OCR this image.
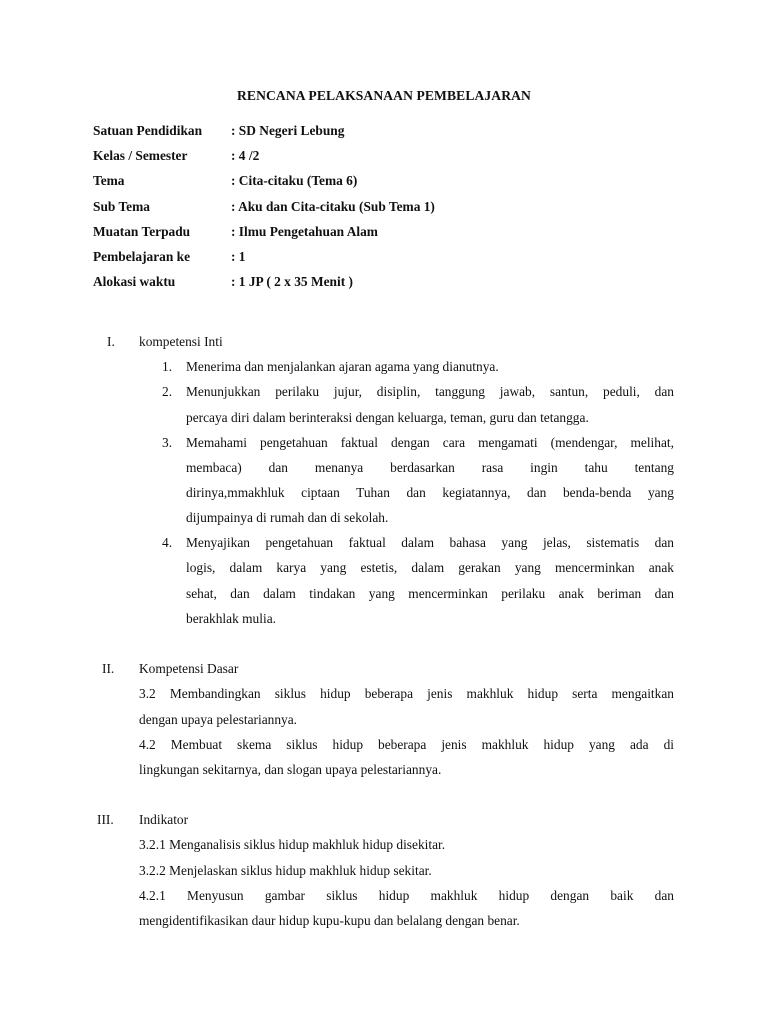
RENCANA PELAKSANAAN PEMBELAJARAN
Satuan Pendidikan : SD Negeri Lebung
Kelas / Semester	: 4 /2
Tema	: Cita-citaku (Tema 6)
Sub Tema	: Aku dan Cita-citaku (Sub Tema 1)
Muatan Terpadu	: Ilmu Pengetahuan Alam
Pembelajaran ke	: 1
Alokasi waktu	: 1 JP ( 2 x 35 Menit )
I.	kompetensi Inti
1. Menerima dan menjalankan ajaran agama yang dianutnya.
2. Menunjukkan perilaku jujur, disiplin, tanggung jawab, santun, peduli, dan
percaya diri dalam berinteraksi dengan keluarga, teman, guru dan tetangga.
3. Memahami pengetahuan faktual dengan cara mengamati (mendengar, melihat,
membaca) dan menanya berdasarkan rasa ingin tahu tentang
dirinya,mmakhluk ciptaan Tuhan dan kegiatannya, dan benda-benda yang
dijumpainya di rumah dan di sekolah.
4. Menyajikan pengetahuan faktual dalam bahasa yang jelas, sistematis dan
logis, dalam karya yang estetis, dalam gerakan yang mencerminkan anak
sehat, dan dalam tindakan yang mencerminkan perilaku anak beriman dan
berakhlak mulia.
II.	Kompetensi Dasar
3.2 Membandingkan siklus hidup beberapa jenis makhluk hidup serta mengaitkan
dengan upaya pelestariannya.
4.2 Membuat skema siklus hidup beberapa jenis makhluk hidup yang ada di
lingkungan sekitarnya, dan slogan upaya pelestariannya.
III.	Indikator
3.2.1 Menganalisis siklus hidup makhluk hidup disekitar.
3.2.2 Menjelaskan siklus hidup makhluk hidup sekitar.
4.2.1 Menyusun gambar siklus hidup makhluk hidup dengan baik dan
mengidentifikasikan daur hidup kupu-kupu dan belalang dengan benar.
